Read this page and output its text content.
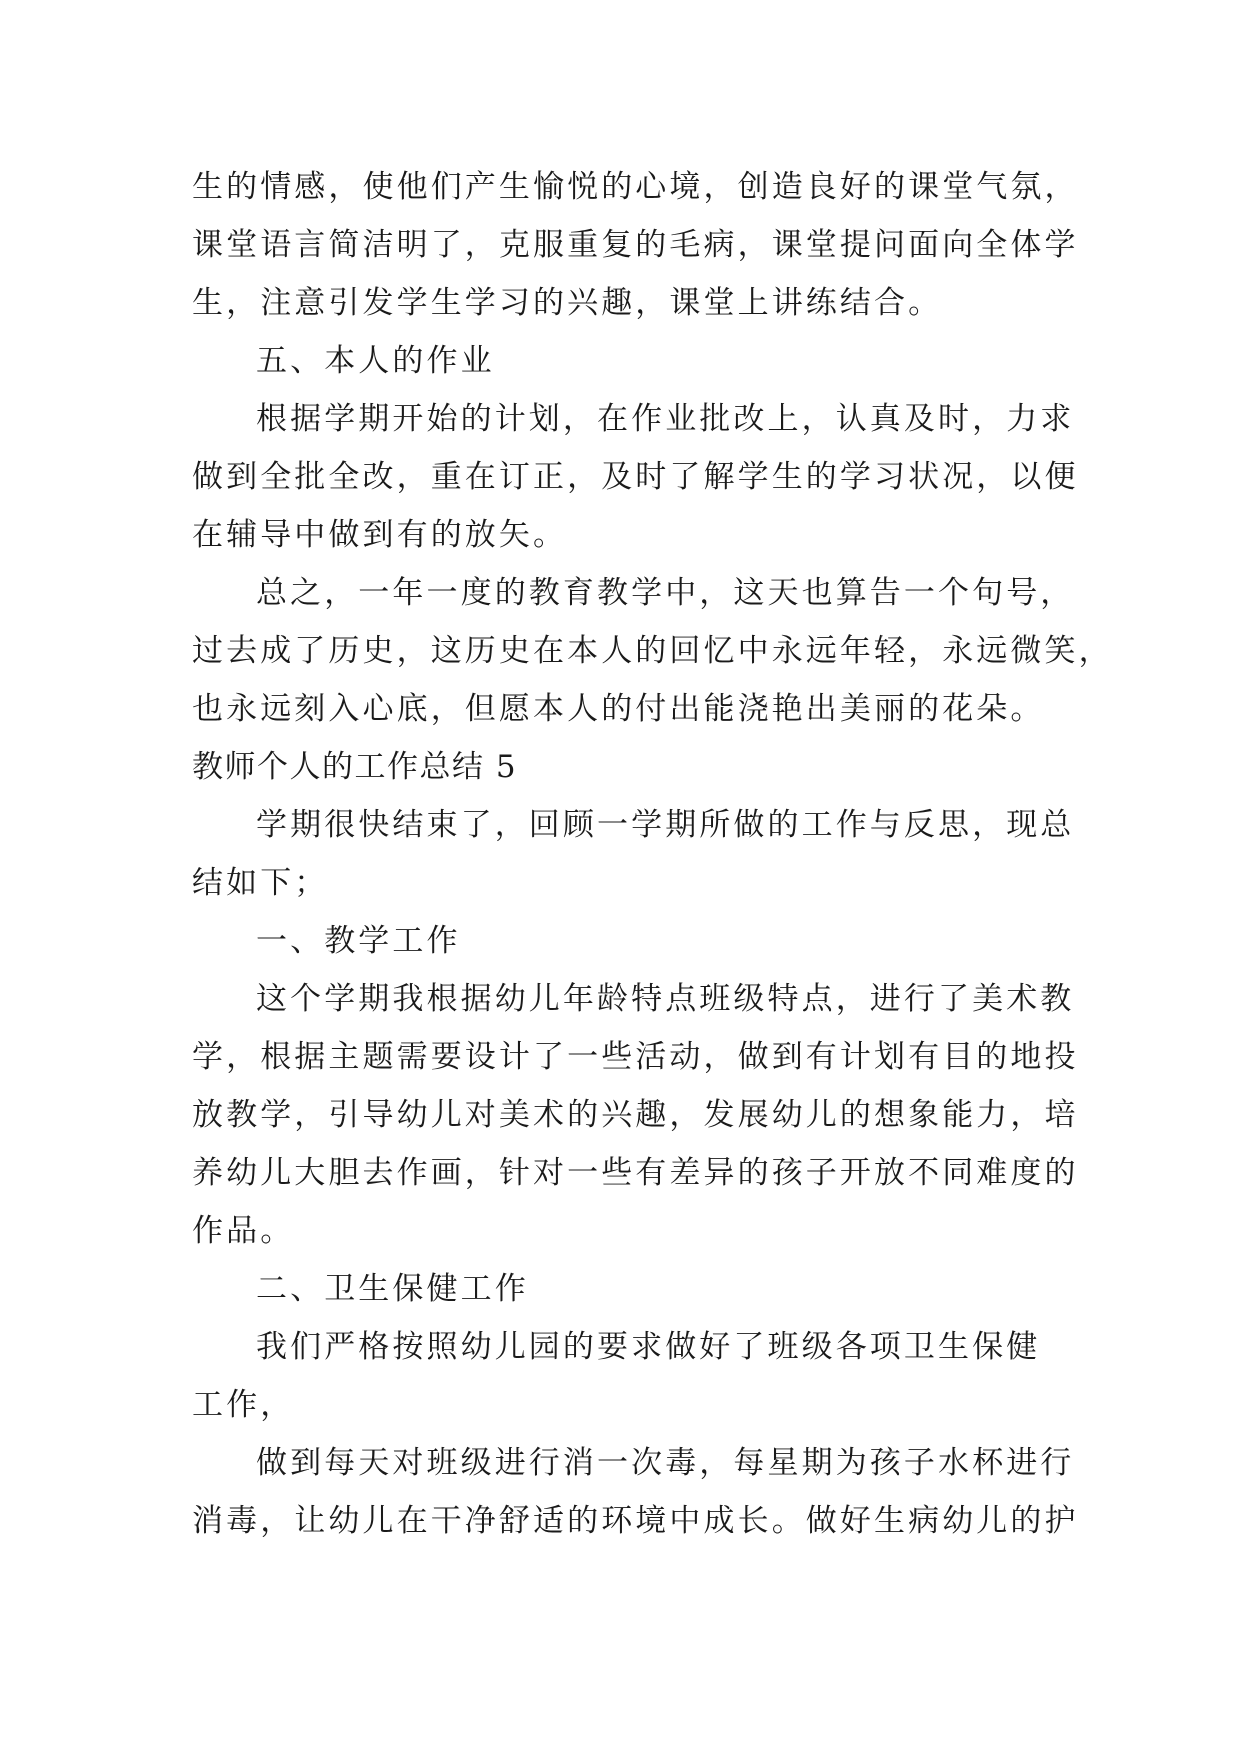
生的情感，使他们产生愉悦的心境，创造良好的课堂气氛，
课堂语言简洁明了，克服重复的毛病，课堂提问面向全体学
生，注意引发学生学习的兴趣，课堂上讲练结合。
五、本人的作业
根据学期开始的计划，在作业批改上，认真及时，力求
做到全批全改，重在订正，及时了解学生的学习状况，以便
在辅导中做到有的放矢。
总之，一年一度的教育教学中，这天也算告一个句号，
过去成了历史，这历史在本人的回忆中永远年轻，永远微笑，
也永远刻入心底，但愿本人的付出能浇艳出美丽的花朵。
教师个人的工作总结 5
学期很快结束了，回顾一学期所做的工作与反思，现总
结如下；
一、教学工作
这个学期我根据幼儿年龄特点班级特点，进行了美术教
学，根据主题需要设计了一些活动，做到有计划有目的地投
放教学，引导幼儿对美术的兴趣，发展幼儿的想象能力，培
养幼儿大胆去作画，针对一些有差异的孩子开放不同难度的
作品。
二、卫生保健工作
我们严格按照幼儿园的要求做好了班级各项卫生保健
工作，
做到每天对班级进行消一次毒，每星期为孩子水杯进行
消毒，让幼儿在干净舒适的环境中成长。做好生病幼儿的护
